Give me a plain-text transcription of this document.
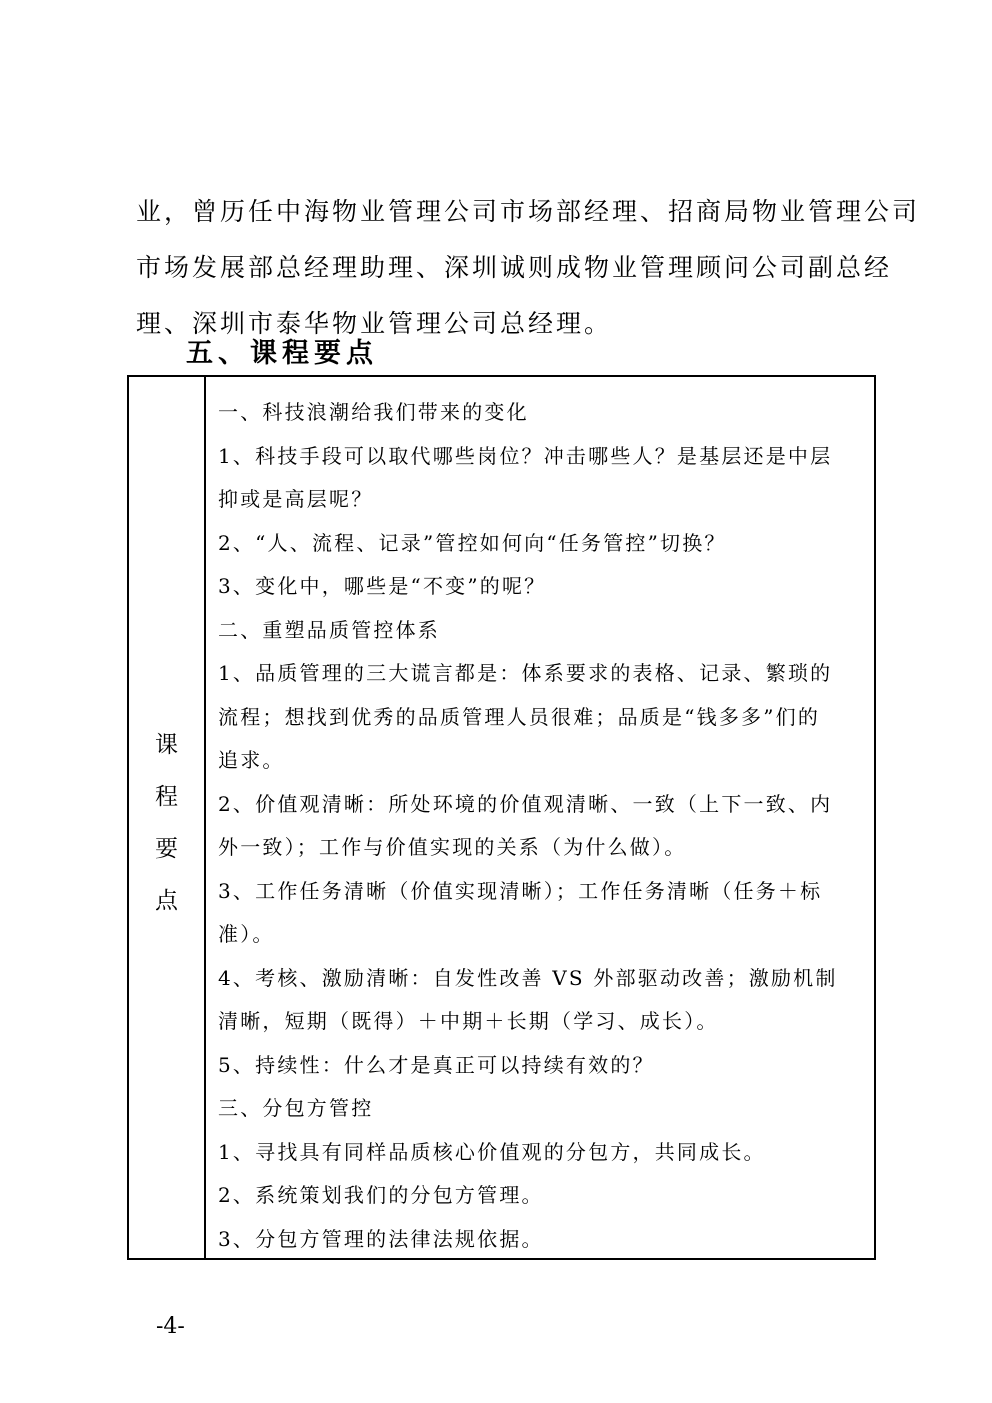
业，曾历任中海物业管理公司市场部经理、招商局物业管理公司

市场发展部总经理助理、深圳诚则成物业管理顾问公司副总经

理、深圳市泰华物业管理公司总经理。

五、课程要点
课
程
要
点

一、科技浪潮给我们带来的变化

1、科技手段可以取代哪些岗位？冲击哪些人？是基层还是中层

抑或是高层呢？

2、“人、流程、记录”管控如何向“任务管控”切换？

3、变化中，哪些是“不变”的呢？

二、重塑品质管控体系

1、品质管理的三大谎言都是：体系要求的表格、记录、繁琐的

流程；想找到优秀的品质管理人员很难；品质是“钱多多”们的

追求。

2、价值观清晰：所处环境的价值观清晰、一致（上下一致、内

外一致）；工作与价值实现的关系（为什么做）。

3、工作任务清晰（价值实现清晰）；工作任务清晰（任务＋标

准）。

4、考核、激励清晰：自发性改善 VS 外部驱动改善；激励机制

清晰，短期（既得）＋中期＋长期（学习、成长）。

5、持续性：什么才是真正可以持续有效的？

三、分包方管控

1、寻找具有同样品质核心价值观的分包方，共同成长。

2、系统策划我们的分包方管理。

3、分包方管理的法律法规依据。

-4-
